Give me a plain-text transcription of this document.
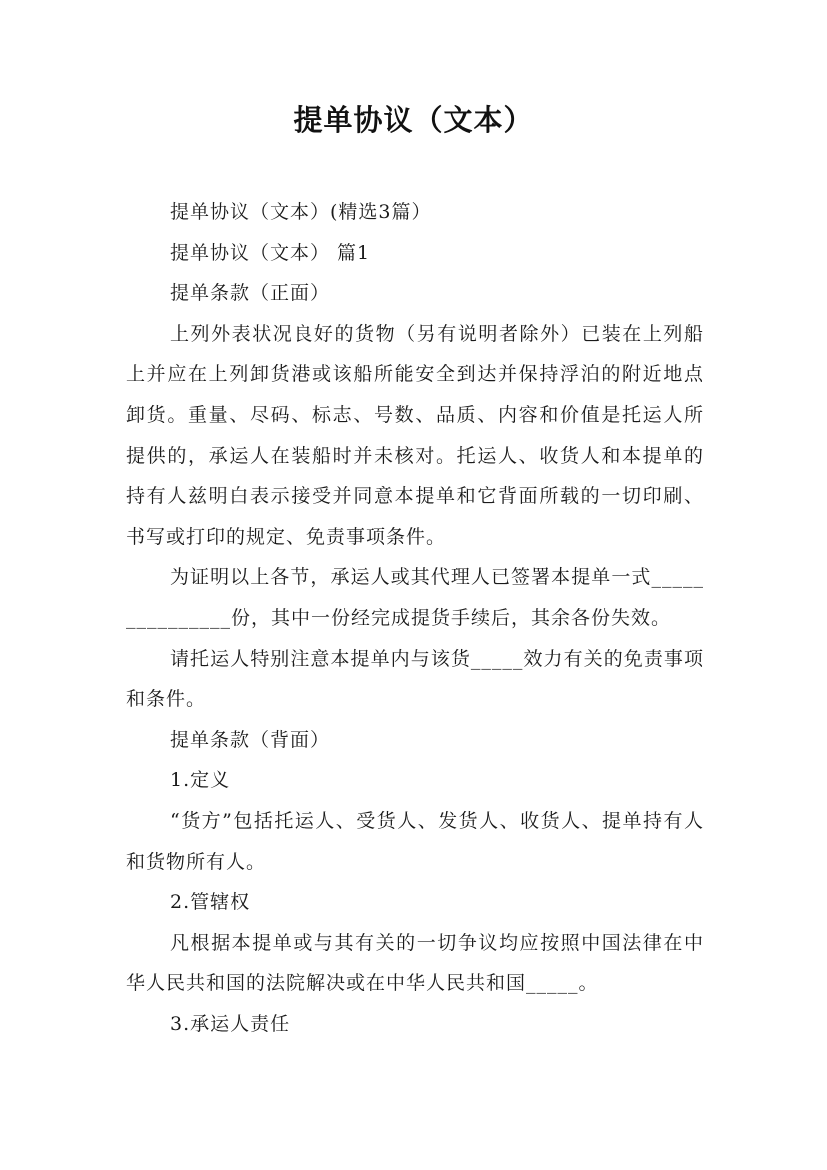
提单协议（文本）

提单协议（文本）(精选3篇）

提单协议（文本） 篇1

提单条款（正面）

上列外表状况良好的货物（另有说明者除外）已装在上列船上并应在上列卸货港或该船所能安全到达并保持浮泊的附近地点卸货。重量、尽码、标志、号数、品质、内容和价值是托运人所提供的，承运人在装船时并未核对。托运人、收货人和本提单的持有人兹明白表示接受并同意本提单和它背面所载的一切印刷、书写或打印的规定、免责事项条件。

为证明以上各节，承运人或其代理人已签署本提单一式_______________份，其中一份经完成提货手续后，其余各份失效。

请托运人特别注意本提单内与该货_____效力有关的免责事项和条件。

提单条款（背面）

1.定义

“货方”包括托运人、受货人、发货人、收货人、提单持有人和货物所有人。

2.管辖权

凡根据本提单或与其有关的一切争议均应按照中国法律在中华人民共和国的法院解决或在中华人民共和国_____。

3.承运人责任
